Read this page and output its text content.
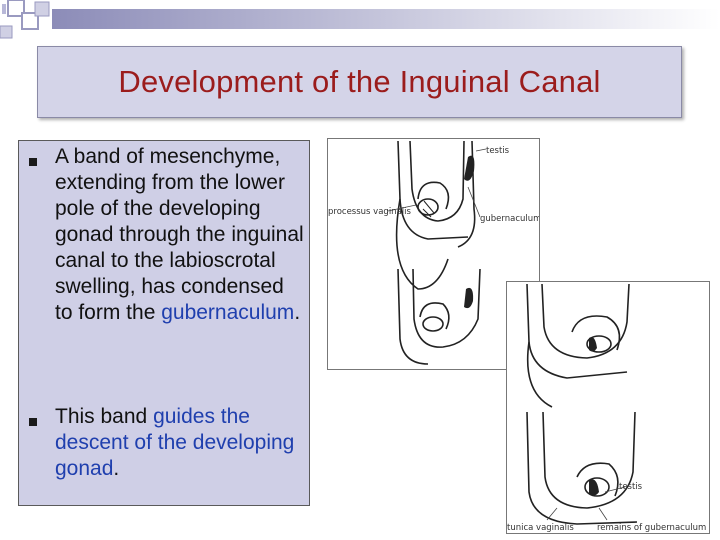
Development of the Inguinal Canal
A band of mesenchyme, extending from the lower pole of the developing gonad through the inguinal canal to the labioscrotal swelling, has condensed to form the gubernaculum.
This band guides the descent of the developing gonad.
testis
processus vaginalis
gubernaculum
testis
tunica vaginalis	remains of gubernaculum
